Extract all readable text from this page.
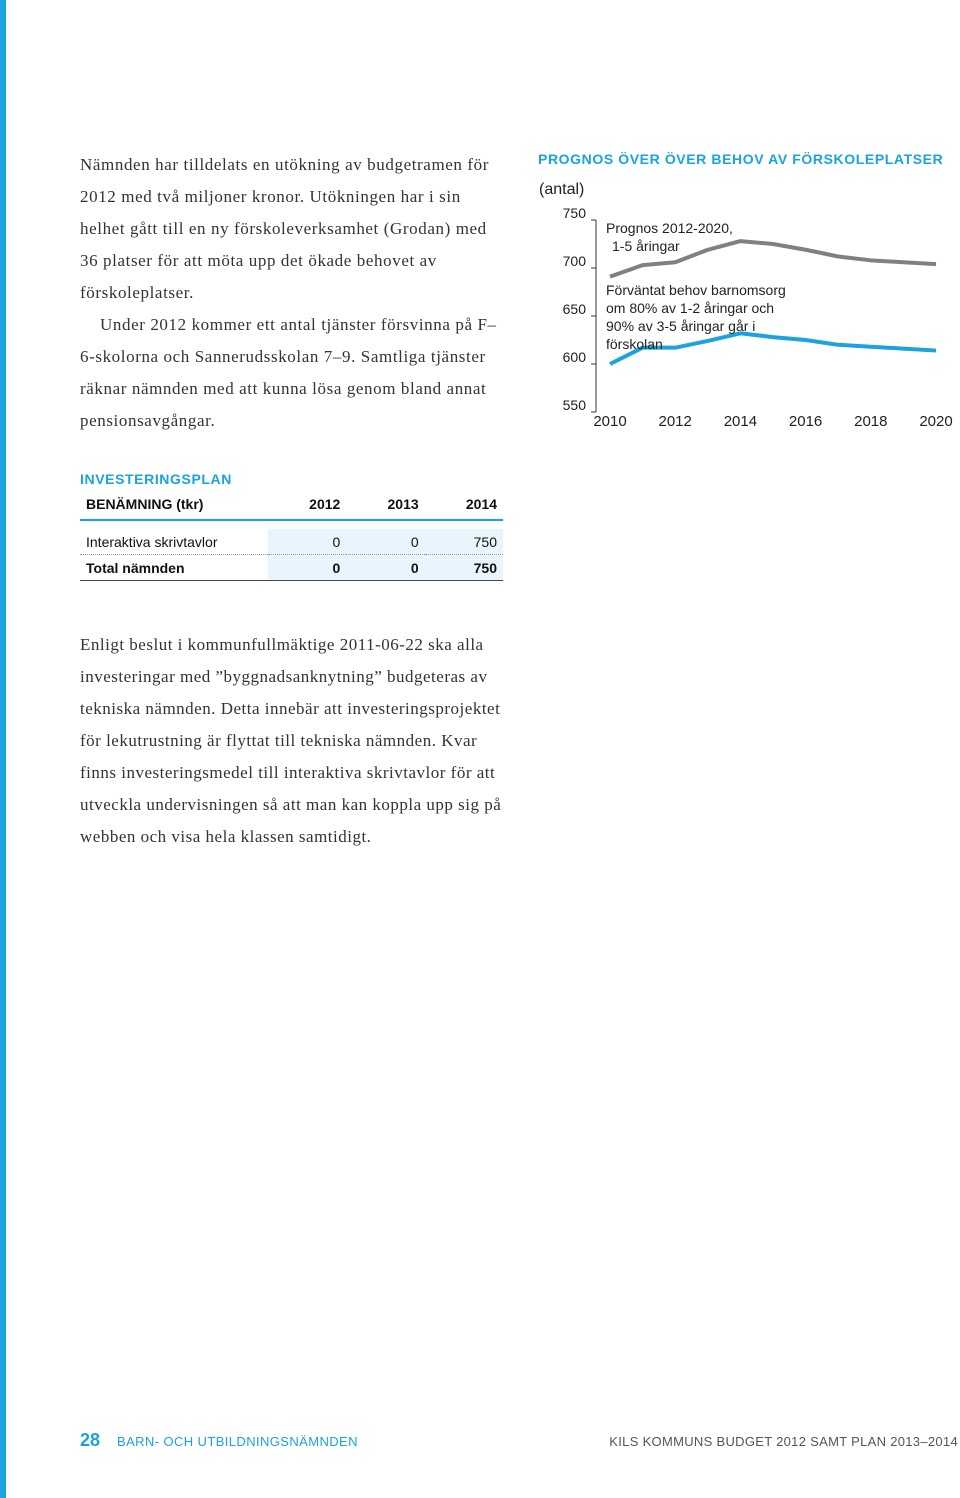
Nämnden har tilldelats en utökning av budgetramen för 2012 med två miljoner kronor. Utökningen har i sin helhet gått till en ny förskoleverksamhet (Grodan) med 36 platser för att möta upp det ökade behovet av förskoleplatser.

Under 2012 kommer ett antal tjänster försvinna på F–6-skolorna och Sannerudsskolan 7–9. Samtliga tjänster räknar nämnden med att kunna lösa genom bland annat pensionsavgångar.

PROGNOS ÖVER ÖVER BEHOV AV FÖRSKOLEPLATSER
(antal)
750
700
650
600
550
2010 2012 2014 2016 2018 2020
Prognos 2012-2020,
1-5 åringar
Förväntat behov barnomsorg
om 80% av 1-2 åringar och
90% av 3-5 åringar går i
förskolan
INVESTERINGSPLAN
BENÄMNING (tkr)	2012	2013	2014

Interaktiva skrivtavlor	0	0	750
Total nämnden	0	0	750

Enligt beslut i kommunfullmäktige 2011-06-22 ska alla investeringar med ”byggnadsanknytning” budgeteras av tekniska nämnden. Detta innebär att investeringsprojektet för lekutrustning är flyttat till tekniska nämnden. Kvar finns investeringsmedel till interaktiva skrivtavlor för att utveckla undervisningen så att man kan koppla upp sig på webben och visa hela klassen samtidigt.

28 BARN- OCH UTBILDNINGSNÄMNDEN	KILS KOMMUNS BUDGET 2012 SAMT PLAN 2013–2014
